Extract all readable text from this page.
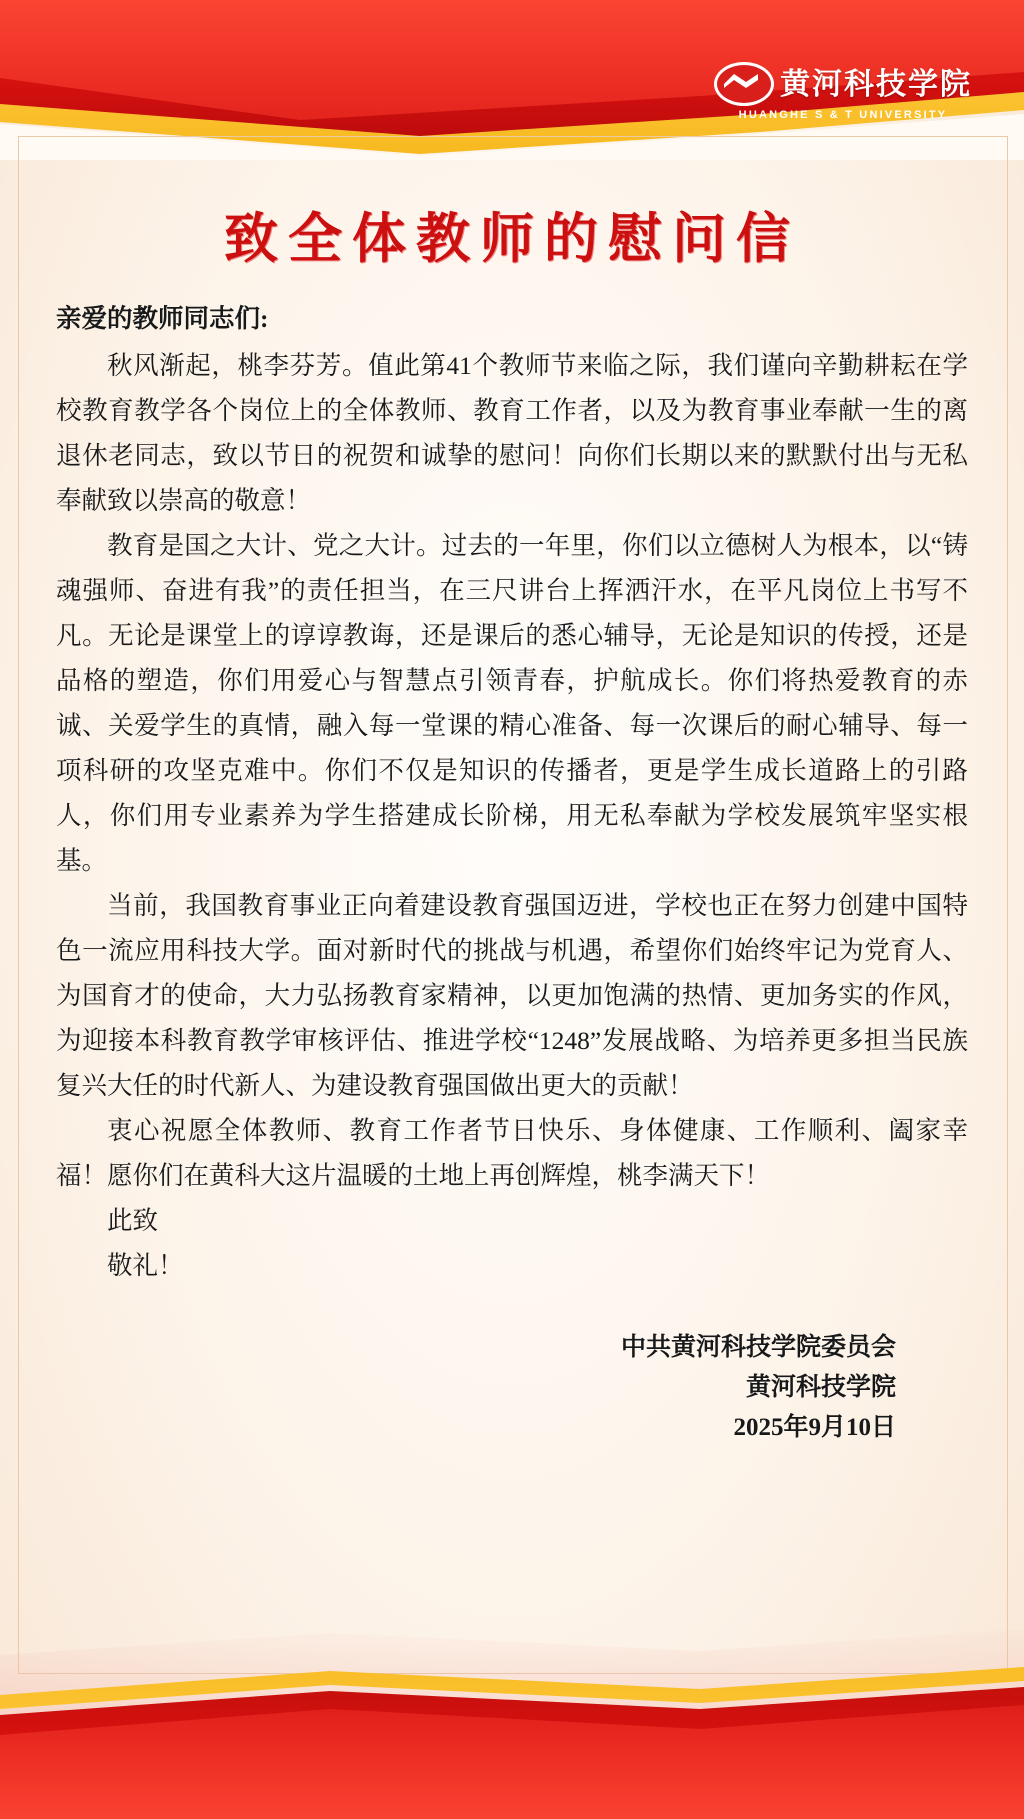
黄河科技学院
HUANGHE S & T UNIVERSITY
致全体教师的慰问信
亲爱的教师同志们:

秋风渐起，桃李芬芳。值此第41个教师节来临之际，我们谨向辛勤耕耘在学校教育教学各个岗位上的全体教师、教育工作者，以及为教育事业奉献一生的离退休老同志，致以节日的祝贺和诚挚的慰问！向你们长期以来的默默付出与无私奉献致以崇高的敬意！

教育是国之大计、党之大计。过去的一年里，你们以立德树人为根本，以“铸魂强师、奋进有我”的责任担当，在三尺讲台上挥洒汗水，在平凡岗位上书写不凡。无论是课堂上的谆谆教诲，还是课后的悉心辅导，无论是知识的传授，还是品格的塑造，你们用爱心与智慧点引领青春，护航成长。你们将热爱教育的赤诚、关爱学生的真情，融入每一堂课的精心准备、每一次课后的耐心辅导、每一项科研的攻坚克难中。你们不仅是知识的传播者，更是学生成长道路上的引路人，你们用专业素养为学生搭建成长阶梯，用无私奉献为学校发展筑牢坚实根基。

当前，我国教育事业正向着建设教育强国迈进，学校也正在努力创建中国特色一流应用科技大学。面对新时代的挑战与机遇，希望你们始终牢记为党育人、为国育才的使命，大力弘扬教育家精神，以更加饱满的热情、更加务实的作风，为迎接本科教育教学审核评估、推进学校“1248”发展战略、为培养更多担当民族复兴大任的时代新人、为建设教育强国做出更大的贡献！

衷心祝愿全体教师、教育工作者节日快乐、身体健康、工作顺利、阖家幸福！愿你们在黄科大这片温暖的土地上再创辉煌，桃李满天下！

此致

敬礼！

中共黄河科技学院委员会
黄河科技学院
2025年9月10日
